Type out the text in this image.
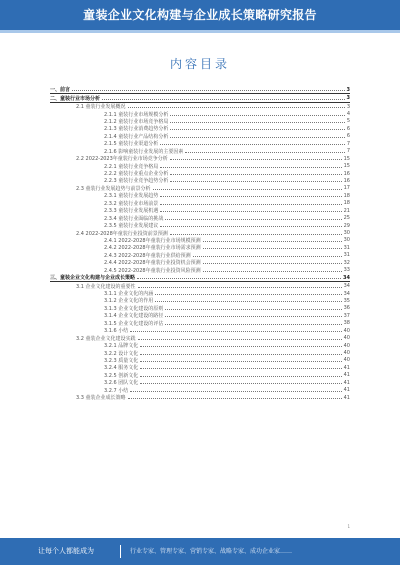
童装企业文化构建与企业成长策略研究报告
内容目录
一、前言	3
二、童装行业市场分析	3
2.1 童装行业发展概况	3
2.1.1 童装行业市场规模分析	4
2.1.2 童装行业市场竞争格局	5
2.1.3 童装行业消费趋势分析	6
2.1.4 童装行业产品结构分析	6
2.1.5 童装行业渠道分析	7
2.1.6 影响童装行业发展的主要因素	7
2.2 2022-2023年童装行业市场竞争分析	15
2.2.1 童装行业竞争格局	15
2.2.2 童装行业重点企业分析	16
2.2.3 童装行业竞争趋势分析	16
2.3 童装行业发展趋势与前景分析	17
2.3.1 童装行业发展趋势	18
2.3.2 童装行业市场前景	18
2.3.3 童装行业发展机遇	21
2.3.4 童装行业面临的挑战	25
2.3.5 童装行业发展建议	29
2.4 2022-2028年童装行业投资前景预测	30
2.4.1 2022-2028年童装行业市场规模预测	30
2.4.2 2022-2028年童装行业市场需求预测	31
2.4.3 2022-2028年童装行业供给预测	31
2.4.4 2022-2028年童装行业投资机会预测	32
2.4.5 2022-2028年童装行业投资风险预测	33
三、童装企业文化构建与企业成长策略	34
3.1 企业文化建设的重要性	34
3.1.1 企业文化的内涵	34
3.1.2 企业文化的作用	35
3.1.3 企业文化建设的原则	36
3.1.4 企业文化建设的路径	37
3.1.5 企业文化建设的评估	38
3.1.6 小结	40
3.2 童装企业文化建设实践	40
3.2.1 品牌文化	40
3.2.2 设计文化	40
3.2.3 质量文化	40
3.2.4 服务文化	41
3.2.5 创新文化	41
3.2.6 团队文化	41
3.2.7 小结	41
3.3 童装企业成长策略	41
1
让每个人都能成为	行业专家、管理专家、营销专家、战略专家、成功企业家……
